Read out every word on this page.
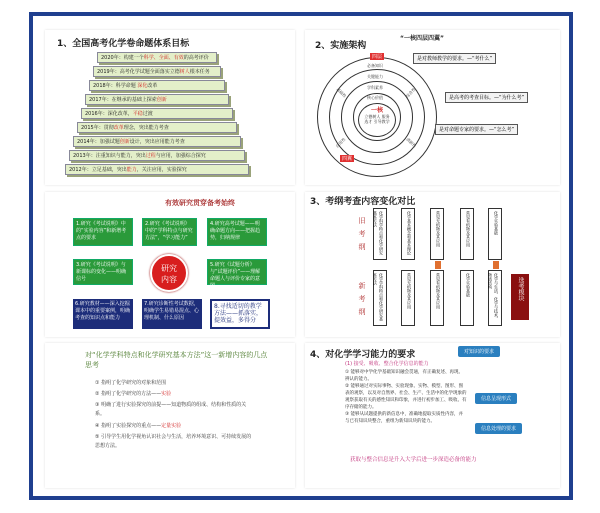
1、全国高考化学卷命题体系目标
2020年：构建一个科学、全面、有效的高考评价
2019年：高考化学试题全面落实立德树人根本任务
2018年：科学命题 深化改革
2017年：在继承的基础上探索创新
2016年：深化改革，平稳过渡
2015年：贯彻改革理念，突出能力考查
2014年：加强试题创新设计，突出应用能力考查
2013年：注重知识与能力，突出过程与应用，加强综合探究
2012年：立足基础，突出能力，关注应用，实验探究
2、实施架构
“一核四层四翼”
一核
立德树人 服务选才 引导教学
必备知识
关键能力
学科素养
核心价值
基础性	综合性
应用性	创新性
四层
四翼
是对教师教学的要求。—“考什么”
是高考的考查目标。—“为什么考”
是对命题专家的要求。—“怎么考”
有效研究贯穿备考始终
1.研究《考试说明》中的“实验内容”和新增考点的要求
2.研究《考试说明》中的“学科特点与研究方法”，“学习能力”
4.研究高考试题——明确命题方向——把握趋势，归纳规律
3.研究《考试说明》与新课标的变化——明确信号
5.研究《试题分析》与“试题评价”——理解命题人与评价专家的意图
6.研究教材——深入挖掘课本中的重要案例，明确考查的知识点和能力
7.研究诊断性考试数据，明确学生易错易混点、心理机制、什么原因
8.寻找适切的教学方法——抓落实，提效益，多得分
研究内容
3、考纲考查内容变化对比
旧考纲
新考纲
化学科学特点和化学研究基本方法	化学基本概念和基本理论	常见无机物及其应用	常见有机物及其应用	化学实验基础
化学学科特点和化学研究基本方法	常见无机物及其应用	常见有机物及其应用	化学实验基础	化学与生活、化学与技术、物质结构	选考模块
对“化学学科特点和化学研究基本方法”这一新增内容的几点思考
① 指明了化学研究的对象和范围
② 指明了化学研究的方法——实验
③ 明确了进行实验探究的前提——知道物质的组成、结构和性质的关系。
④ 指明了实验探究的重点——定量实验
⑤ 引导学生用化学视角认识社会与生活，培养环境意识、可持续发展的思想方法。
4、对化学学习能力的要求
(1) 接受、吸收、整合化学信息的能力
① 能够对中学化学基础知识融会贯通，有正确复述、再现、辨认的能力。
② 能够通过对实际事物、实验现象、实物、模型、图形、图表的观察，以及对自然界、社会、生产、生活中的化学现象的观察获取有关的感性知识和印象，并进行初步加工、吸收、有序存储的能力。
③ 能够从试题提供的新信息中，准确地提取实质性内容，并与已有知识块整合，重组为新知识块的能力。
获取与整合信息是升入大学后进一步深造必备的能力
对知识的要求
信息呈现形式
信息处理的要求
